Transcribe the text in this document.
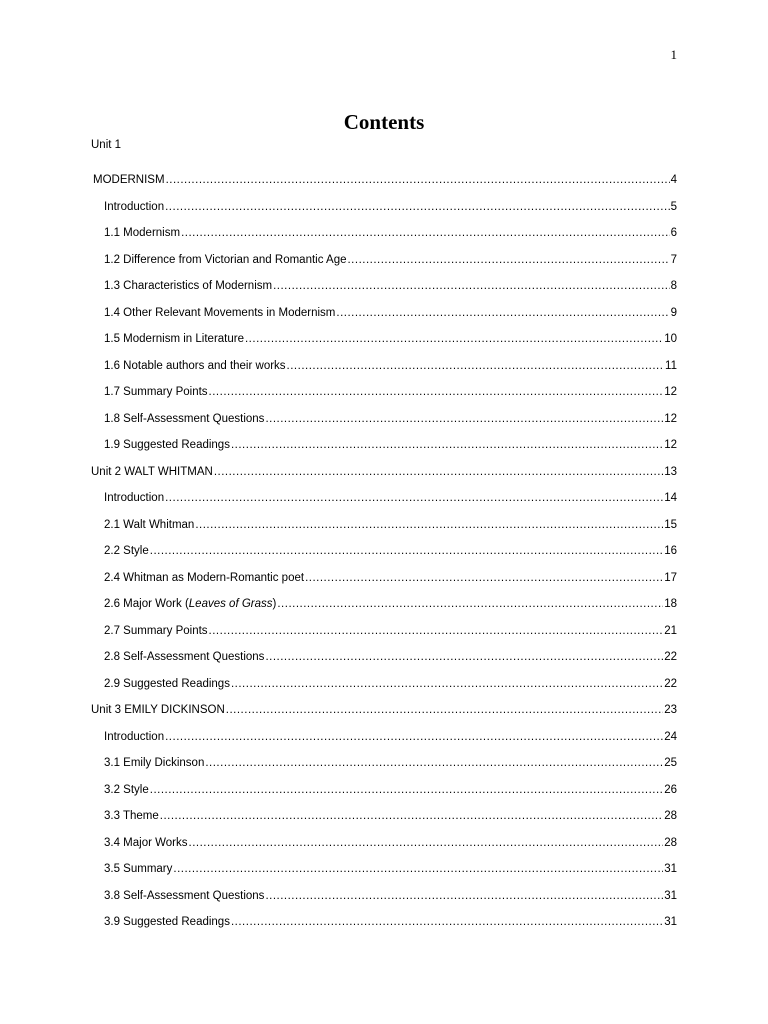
1
Contents
Unit 1
MODERNISM .....	4
Introduction .....	5
1.1 Modernism .....	6
1.2 Difference from Victorian and Romantic Age .....	7
1.3 Characteristics of Modernism .....	8
1.4 Other Relevant Movements in Modernism .....	9
1.5 Modernism in Literature .....	10
1.6 Notable authors and their works .....	11
1.7 Summary Points .....	12
1.8 Self-Assessment Questions .....	12
1.9 Suggested Readings .....	12
Unit 2 WALT WHITMAN .....	13
Introduction .....	14
2.1 Walt Whitman .....	15
2.2 Style .....	16
2.4 Whitman as Modern-Romantic poet .....	17
2.6 Major Work (Leaves of Grass) .....	18
2.7 Summary Points .....	21
2.8 Self-Assessment Questions .....	22
2.9 Suggested Readings .....	22
Unit 3 EMILY DICKINSON .....	23
Introduction .....	24
3.1 Emily Dickinson .....	25
3.2 Style .....	26
3.3 Theme .....	28
3.4 Major Works .....	28
3.5 Summary .....	31
3.8 Self-Assessment Questions .....	31
3.9 Suggested Readings .....	31
